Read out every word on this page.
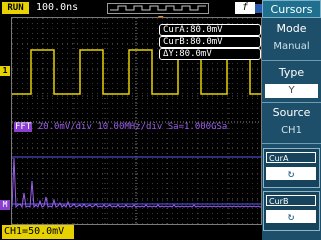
RUN	100.0ns	f
1
M
CurA:80.0mV
CurB:80.0mV
ΔY:80.0mV
FFT 20.0mV/div 10.00MHz/div Sa=1.000GSa
CH1=50.0mV
Cursors
Mode
Manual
Type
Y
Source
CH1
CurA
↻
CurB
↻
